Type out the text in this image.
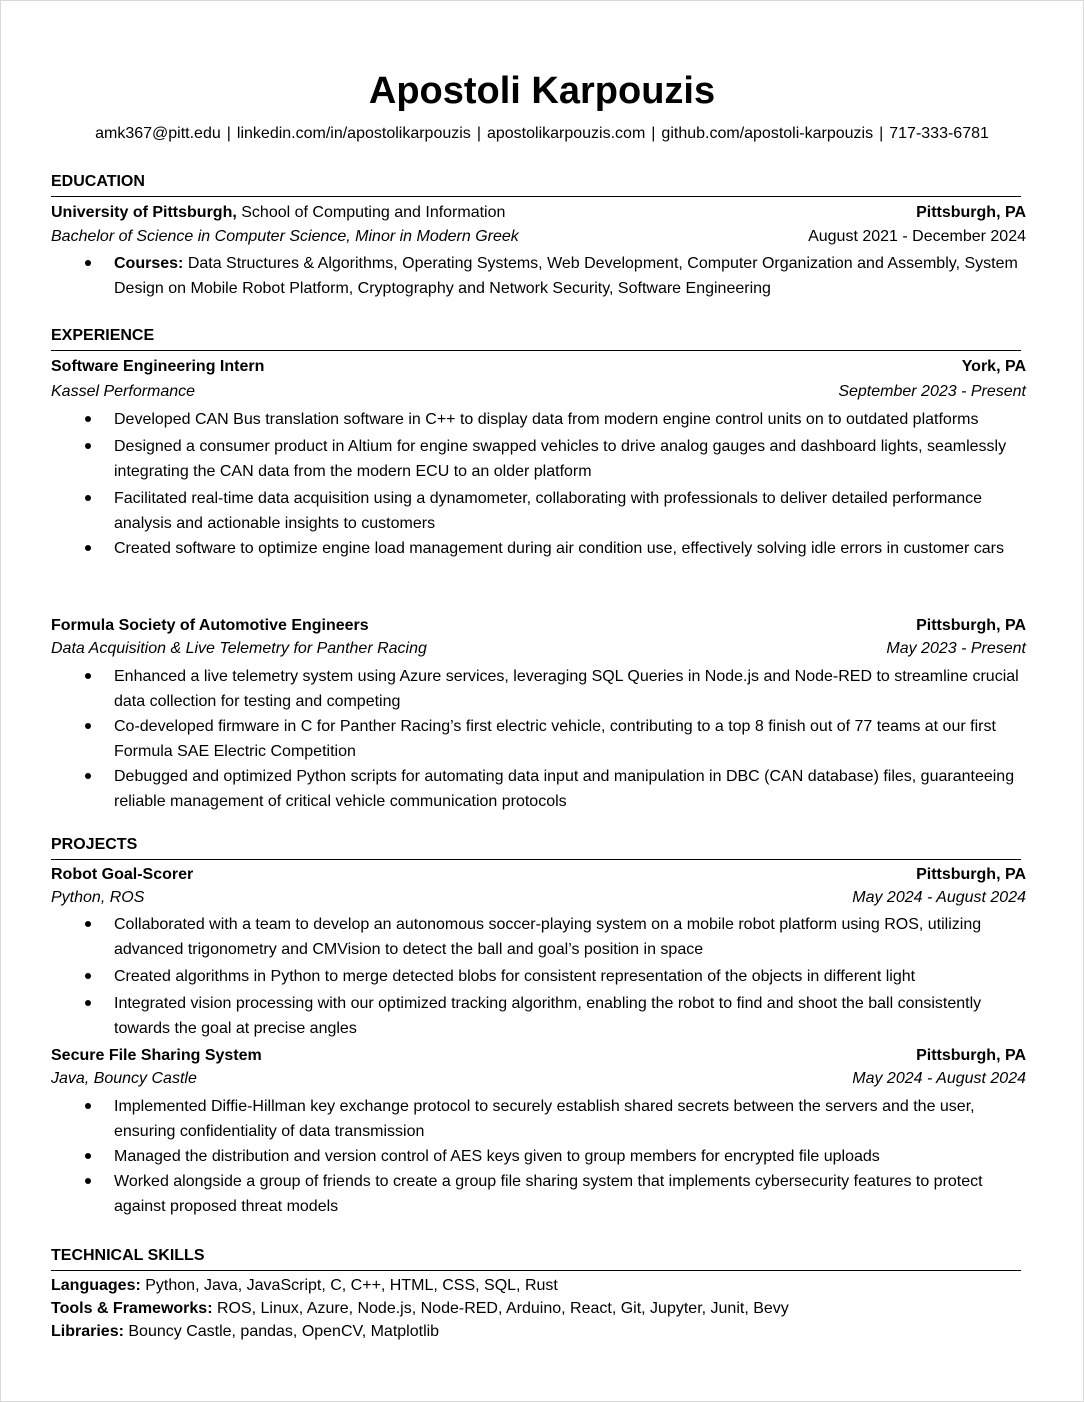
Apostoli Karpouzis
amk367@pitt.edu | linkedin.com/in/apostolikarpouzis | apostolikarpouzis.com | github.com/apostoli-karpouzis | 717-333-6781
EDUCATION
University of Pittsburgh, School of Computing and Information	Pittsburgh, PA
Bachelor of Science in Computer Science, Minor in Modern Greek	August 2021 - December 2024
Courses: Data Structures & Algorithms, Operating Systems, Web Development, Computer Organization and Assembly, System Design on Mobile Robot Platform, Cryptography and Network Security, Software Engineering
EXPERIENCE
Software Engineering Intern	York, PA
Kassel Performance	September 2023 - Present
Developed CAN Bus translation software in C++ to display data from modern engine control units on to outdated platforms
Designed a consumer product in Altium for engine swapped vehicles to drive analog gauges and dashboard lights, seamlessly integrating the CAN data from the modern ECU to an older platform
Facilitated real-time data acquisition using a dynamometer, collaborating with professionals to deliver detailed performance analysis and actionable insights to customers
Created software to optimize engine load management during air condition use, effectively solving idle errors in customer cars
Formula Society of Automotive Engineers	Pittsburgh, PA
Data Acquisition & Live Telemetry for Panther Racing	May 2023 - Present
Enhanced a live telemetry system using Azure services, leveraging SQL Queries in Node.js and Node-RED to streamline crucial data collection for testing and competing
Co-developed firmware in C for Panther Racing’s first electric vehicle, contributing to a top 8 finish out of 77 teams at our first Formula SAE Electric Competition
Debugged and optimized Python scripts for automating data input and manipulation in DBC (CAN database) files, guaranteeing reliable management of critical vehicle communication protocols
PROJECTS
Robot Goal-Scorer	Pittsburgh, PA
Python, ROS	May 2024 - August 2024
Collaborated with a team to develop an autonomous soccer-playing system on a mobile robot platform using ROS, utilizing advanced trigonometry and CMVision to detect the ball and goal’s position in space
Created algorithms in Python to merge detected blobs for consistent representation of the objects in different light
Integrated vision processing with our optimized tracking algorithm, enabling the robot to find and shoot the ball consistently towards the goal at precise angles
Secure File Sharing System	Pittsburgh, PA
Java, Bouncy Castle	May 2024 - August 2024
Implemented Diffie-Hillman key exchange protocol to securely establish shared secrets between the servers and the user, ensuring confidentiality of data transmission
Managed the distribution and version control of AES keys given to group members for encrypted file uploads
Worked alongside a group of friends to create a group file sharing system that implements cybersecurity features to protect against proposed threat models
TECHNICAL SKILLS
Languages: Python, Java, JavaScript, C, C++, HTML, CSS, SQL, Rust
Tools & Frameworks: ROS, Linux, Azure, Node.js, Node-RED, Arduino, React, Git, Jupyter, Junit, Bevy
Libraries: Bouncy Castle, pandas, OpenCV, Matplotlib
